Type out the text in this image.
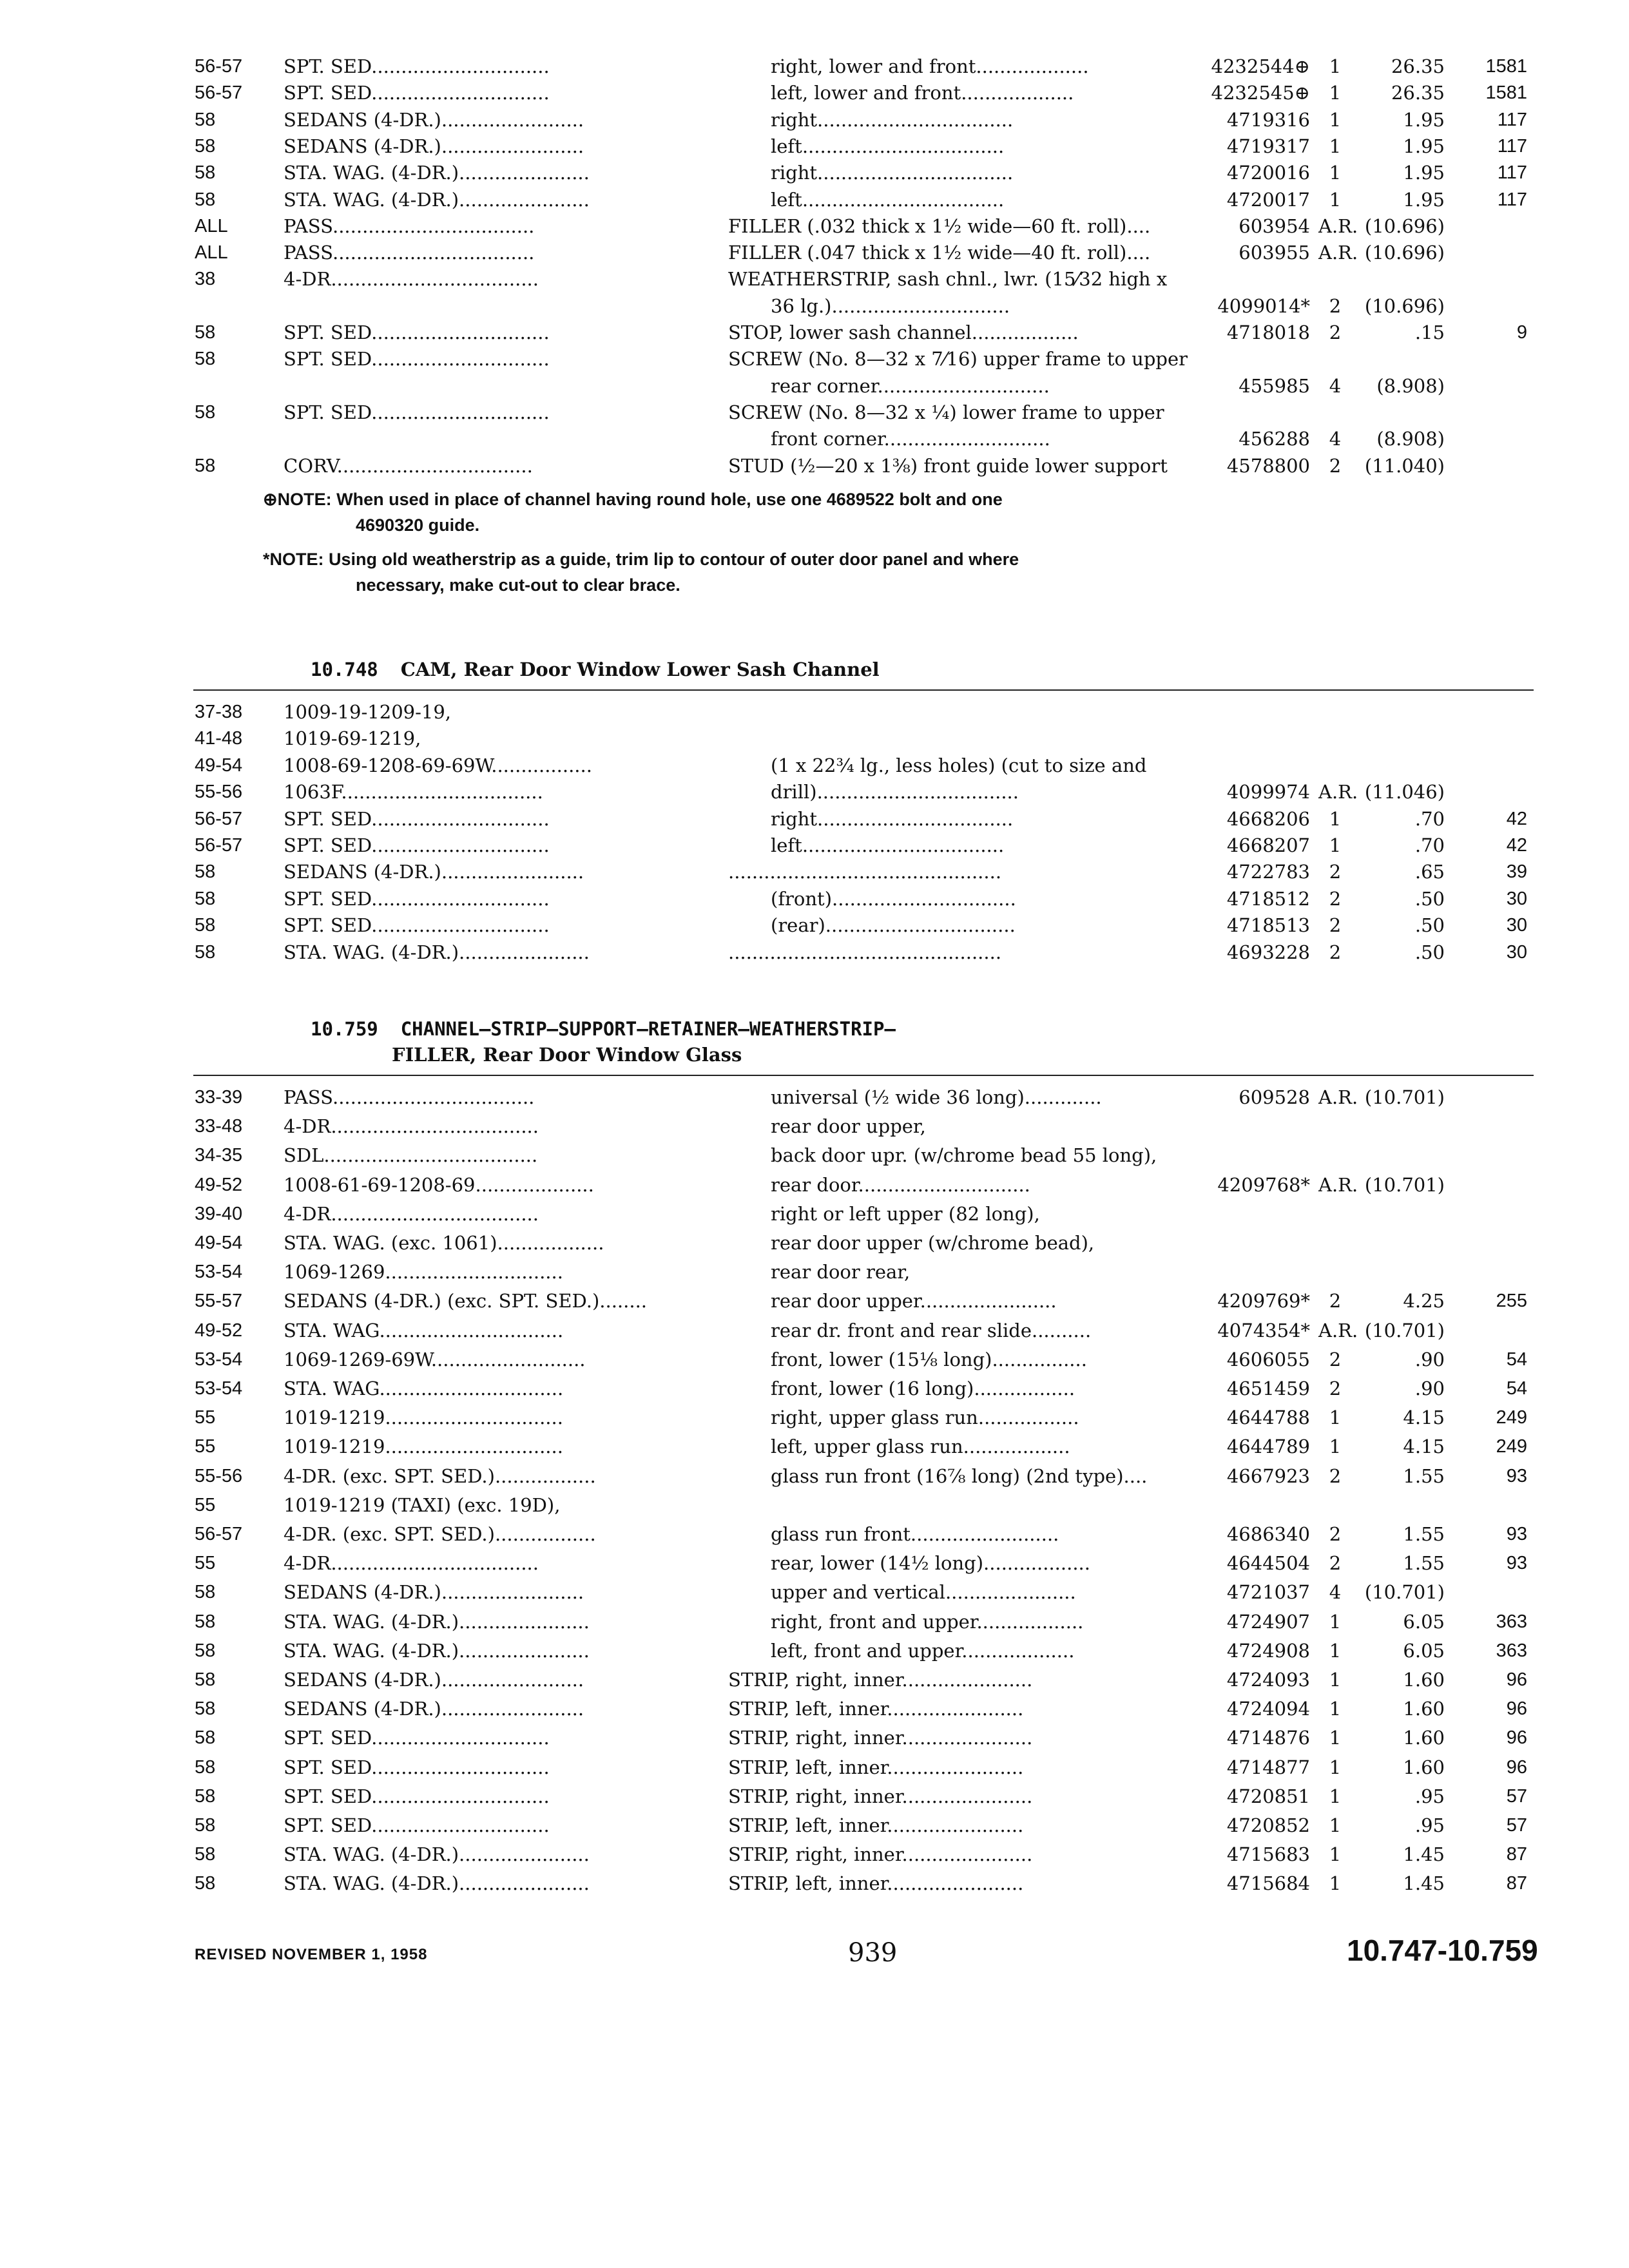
56-57 SPT. SED..............................	right, lower and front...................	4232544⊕	1	26.35	1581
56-57 SPT. SED..............................	left, lower and front...................	4232545⊕	1	26.35	1581
58	SEDANS (4-DR.)........................	right.................................	4719316	1	1.95	117
58	SEDANS (4-DR.)........................	left..................................	4719317	1	1.95	117
58	STA. WAG. (4-DR.)......................	right.................................	4720016	1	1.95	117
58	STA. WAG. (4-DR.)......................	left..................................	4720017	1	1.95	117
ALL	PASS..................................	FILLER (.032 thick x 1½ wide—60 ft. roll)....	603954 A.R. (10.696)
ALL	PASS..................................	FILLER (.047 thick x 1½ wide—40 ft. roll)....	603955 A.R. (10.696)
38	4-DR...................................	WEATHERSTRIP, sash chnl., lwr. (15⁄32 high x
36 lg.)..............................	4099014*	2	(10.696)
58	SPT. SED..............................	STOP, lower sash channel..................	4718018	2	.15	9
58	SPT. SED..............................	SCREW (No. 8—32 x 7⁄16) upper frame to upper
rear corner.............................	455985	4	(8.908)
58	SPT. SED..............................	SCREW (No. 8—32 x ¼) lower frame to upper
front corner............................	456288	4	(8.908)
58	CORV.................................	STUD (½—20 x 1⅜) front guide lower support	4578800	2	(11.040)
⊕NOTE: When used in place of channel having round hole, use one 4689522 bolt and one
4690320 guide.
*NOTE: Using old weatherstrip as a guide, trim lip to contour of outer door panel and where
necessary, make cut-out to clear brace.
10.748 CAM, Rear Door Window Lower Sash Channel
37-38 1009-19-1209-19,
41-48 1019-69-1219,
49-54 1008-69-1208-69-69W.................	(1 x 22¾ lg., less holes) (cut to size and
55-56 1063F..................................	drill)..................................	4099974 A.R. (11.046)
56-57 SPT. SED..............................	right.................................	4668206	1	.70	42
56-57 SPT. SED..............................	left..................................	4668207	1	.70	42
58	SEDANS (4-DR.)........................	..............................................	4722783	2	.65	39
58	SPT. SED..............................	(front)...............................	4718512	2	.50	30
58	SPT. SED..............................	(rear)................................	4718513	2	.50	30
58	STA. WAG. (4-DR.)......................	..............................................	4693228	2	.50	30
10.759 CHANNEL—STRIP—SUPPORT—RETAINER—WEATHERSTRIP—
FILLER, Rear Door Window Glass
33-39 PASS..................................	universal (½ wide 36 long).............	609528 A.R. (10.701)
33-48 4-DR...................................	rear door upper,
34-35 SDL....................................	back door upr. (w/chrome bead 55 long),
49-52 1008-61-69-1208-69....................	rear door.............................	4209768* A.R. (10.701)
39-40 4-DR...................................	right or left upper (82 long),
49-54 STA. WAG. (exc. 1061)..................	rear door upper (w/chrome bead),
53-54 1069-1269..............................	rear door rear,
55-57 SEDANS (4-DR.) (exc. SPT. SED.)........	rear door upper.......................	4209769*	2	4.25	255
49-52 STA. WAG...............................	rear dr. front and rear slide..........	4074354* A.R. (10.701)
53-54 1069-1269-69W..........................	front, lower (15⅛ long)................	4606055	2	.90	54
53-54 STA. WAG...............................	front, lower (16 long).................	4651459	2	.90	54
55	1019-1219..............................	right, upper glass run.................	4644788	1	4.15	249
55	1019-1219..............................	left, upper glass run..................	4644789	1	4.15	249
55-56 4-DR. (exc. SPT. SED.).................	glass run front (16⅞ long) (2nd type)....	4667923	2	1.55	93
55	1019-1219 (TAXI) (exc. 19D),
56-57 4-DR. (exc. SPT. SED.).................	glass run front.........................	4686340	2	1.55	93
55	4-DR...................................	rear, lower (14½ long)..................	4644504	2	1.55	93
58	SEDANS (4-DR.)........................	upper and vertical......................	4721037	4	(10.701)
58	STA. WAG. (4-DR.)......................	right, front and upper..................	4724907	1	6.05	363
58	STA. WAG. (4-DR.)......................	left, front and upper...................	4724908	1	6.05	363
58	SEDANS (4-DR.)........................	STRIP, right, inner......................	4724093	1	1.60	96
58	SEDANS (4-DR.)........................	STRIP, left, inner.......................	4724094	1	1.60	96
58	SPT. SED..............................	STRIP, right, inner......................	4714876	1	1.60	96
58	SPT. SED..............................	STRIP, left, inner.......................	4714877	1	1.60	96
58	SPT. SED..............................	STRIP, right, inner......................	4720851	1	.95	57
58	SPT. SED..............................	STRIP, left, inner.......................	4720852	1	.95	57
58	STA. WAG. (4-DR.)......................	STRIP, right, inner......................	4715683	1	1.45	87
58	STA. WAG. (4-DR.)......................	STRIP, left, inner.......................	4715684	1	1.45	87
REVISED NOVEMBER 1, 1958	939	10.747-10.759
